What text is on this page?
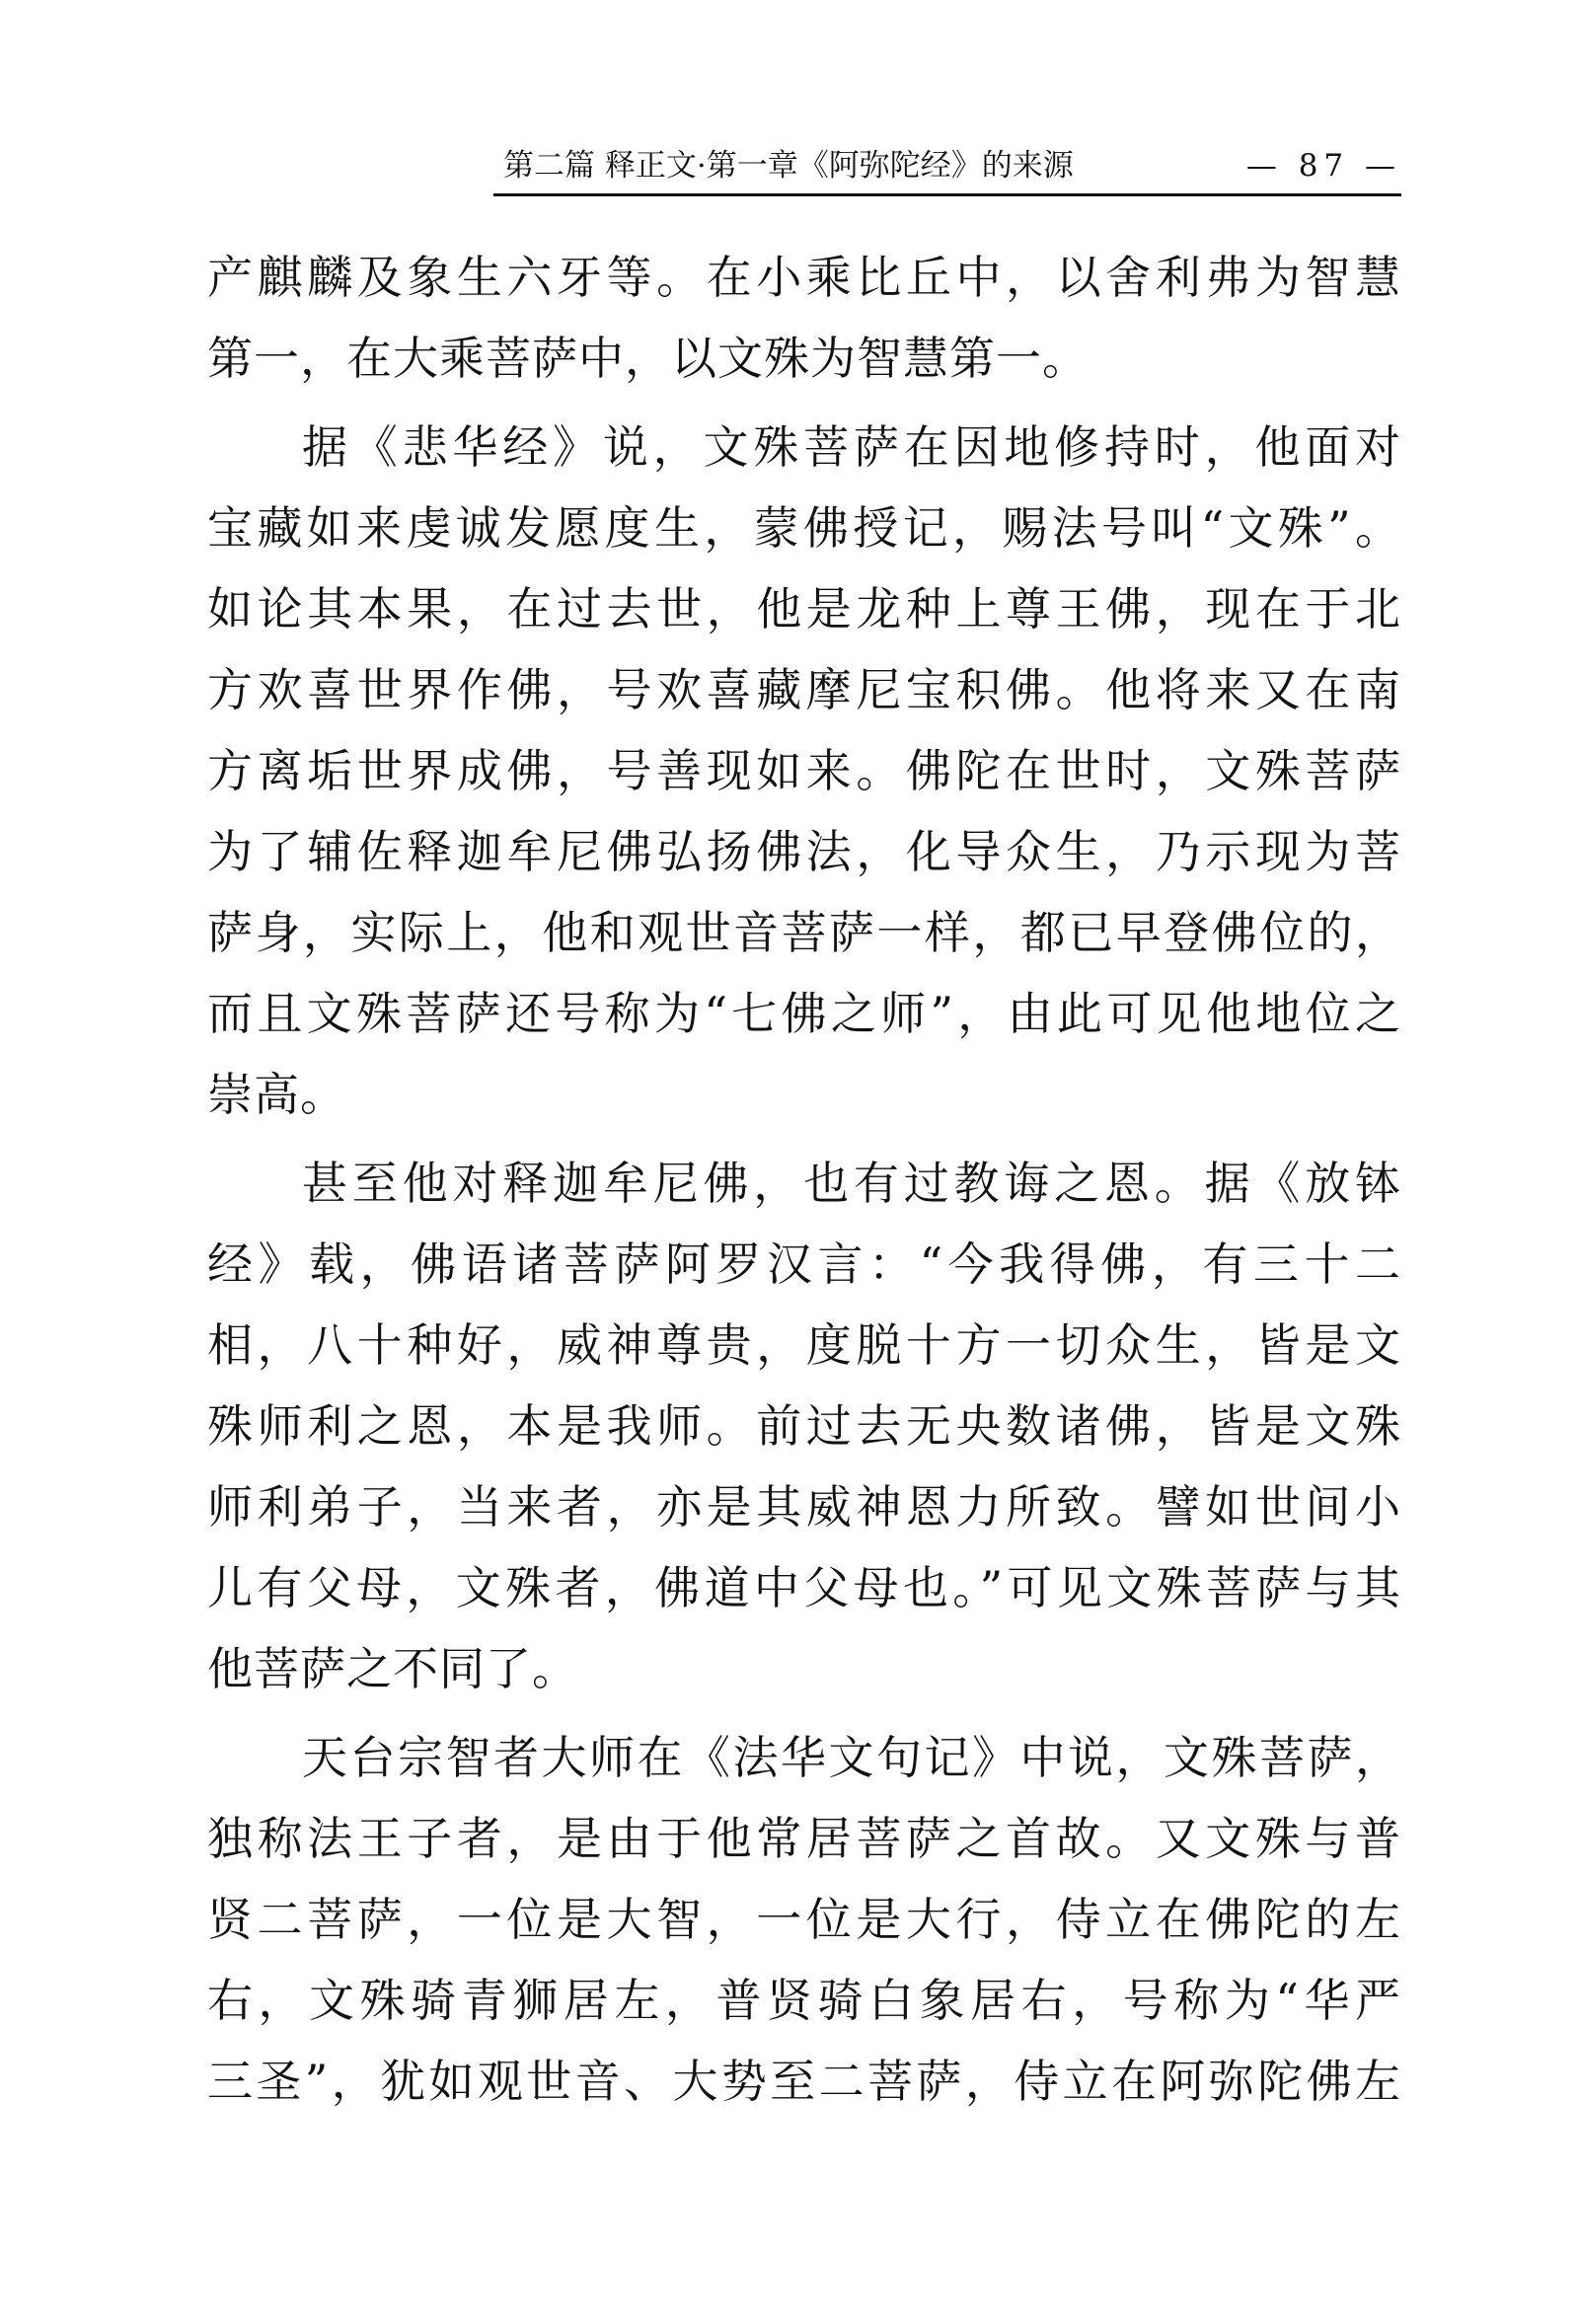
第二篇 释正文·第一章《阿弥陀经》的来源	— 87 —
产麒麟及象生六牙等。在小乘比丘中，以舍利弗为智慧
第一，在大乘菩萨中，以文殊为智慧第一。
据《悲华经》说，文殊菩萨在因地修持时，他面对
宝藏如来虔诚发愿度生，蒙佛授记，赐法号叫“文殊”。
如论其本果，在过去世，他是龙种上尊王佛，现在于北
方欢喜世界作佛，号欢喜藏摩尼宝积佛。他将来又在南
方离垢世界成佛，号善现如来。佛陀在世时，文殊菩萨
为了辅佐释迦牟尼佛弘扬佛法，化导众生，乃示现为菩
萨身，实际上，他和观世音菩萨一样，都已早登佛位的，
而且文殊菩萨还号称为“七佛之师”，由此可见他地位之
崇高。
甚至他对释迦牟尼佛，也有过教诲之恩。据《放钵
经》载，佛语诸菩萨阿罗汉言：“今我得佛，有三十二
相，八十种好，威神尊贵，度脱十方一切众生，皆是文
殊师利之恩，本是我师。前过去无央数诸佛，皆是文殊
师利弟子，当来者，亦是其威神恩力所致。譬如世间小
儿有父母，文殊者，佛道中父母也。”可见文殊菩萨与其
他菩萨之不同了。
天台宗智者大师在《法华文句记》中说，文殊菩萨，
独称法王子者，是由于他常居菩萨之首故。又文殊与普
贤二菩萨，一位是大智，一位是大行，侍立在佛陀的左
右，文殊骑青狮居左，普贤骑白象居右，号称为“华严
三圣”，犹如观世音、大势至二菩萨，侍立在阿弥陀佛左
